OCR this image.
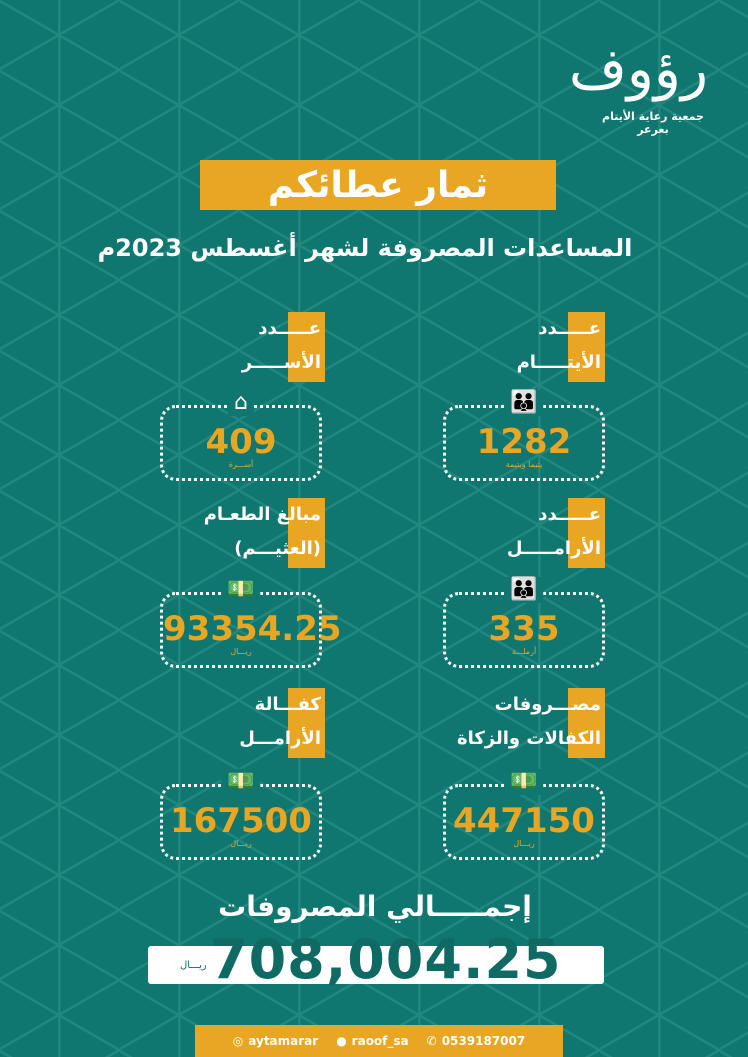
رؤوف
جمعية رعاية الأيتام بعرعر
ثمار عطائكم
المساعدات المصروفة لشهر أغسطس 2023م
عـــــدد
الأيتـــــام
عـــــدد
الأســـــر
👪
1282
يتيما ويتيمة
⌂
409
أســـرة
عـــــدد
الأرامـــــل
مبالغ الطعـام
(العثيـــم)
👪
335
أرملـــة
💵
93354.25
ريـــال
مصـــروفات
الكفالات والزكاة
كفـــالة
الأرامـــل
💵
447150
ريـــال
💵
167500
ريـــال
إجمـــــالي المصروفات
ريـــال 708,004.25
◎ aytamarar ● raoof_sa ✆ 0539187007
